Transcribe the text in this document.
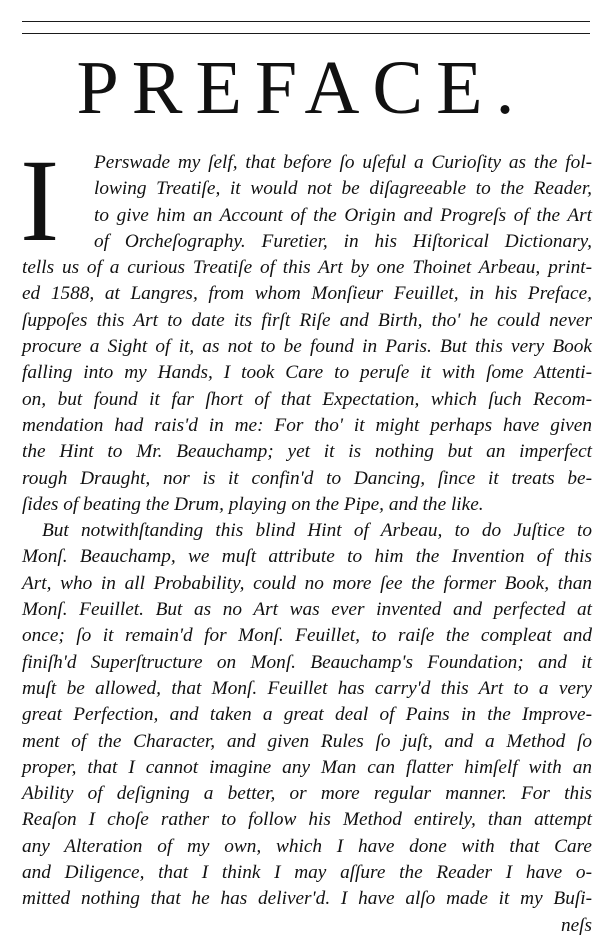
PREFACE.
I	Perswade my ſelf, that before ſo uſeful a Curioſity as the fol-
lowing Treatiſe, it would not be diſagreeable to the Reader,
to give him an Account of the Origin and Progreſs of the Art
of Orcheſography. Furetier, in his Hiſtorical Dictionary,
tells us of a curious Treatiſe of this Art by one Thoinet Arbeau, print-
ed 1588, at Langres, from whom Monſieur Feuillet, in his Preface,
ſuppoſes this Art to date its firſt Riſe and Birth, tho' he could never
procure a Sight of it, as not to be found in Paris. But this very Book
falling into my Hands, I took Care to peruſe it with ſome Attenti-
on, but found it far ſhort of that Expectation, which ſuch Recom-
mendation had rais'd in me: For tho' it might perhaps have given
the Hint to Mr. Beauchamp; yet it is nothing but an imperfect
rough Draught, nor is it confin'd to Dancing, ſince it treats be-
ſides of beating the Drum, playing on the Pipe, and the like.
But notwithſtanding this blind Hint of Arbeau, to do Juſtice to
Monſ. Beauchamp, we muſt attribute to him the Invention of this
Art, who in all Probability, could no more ſee the former Book, than
Monſ. Feuillet. But as no Art was ever invented and perfected at
once; ſo it remain'd for Monſ. Feuillet, to raiſe the compleat and
finiſh'd Superſtructure on Monſ. Beauchamp's Foundation; and it
muſt be allowed, that Monſ. Feuillet has carry'd this Art to a very
great Perfection, and taken a great deal of Pains in the Improve-
ment of the Character, and given Rules ſo juſt, and a Method ſo
proper, that I cannot imagine any Man can flatter himſelf with an
Ability of deſigning a better, or more regular manner. For this
Reaſon I choſe rather to follow his Method entirely, than attempt
any Alteration of my own, which I have done with that Care
and Diligence, that I think I may aſſure the Reader I have o-
mitted nothing that he has deliver'd. I have alſo made it my Buſi-
neſs
